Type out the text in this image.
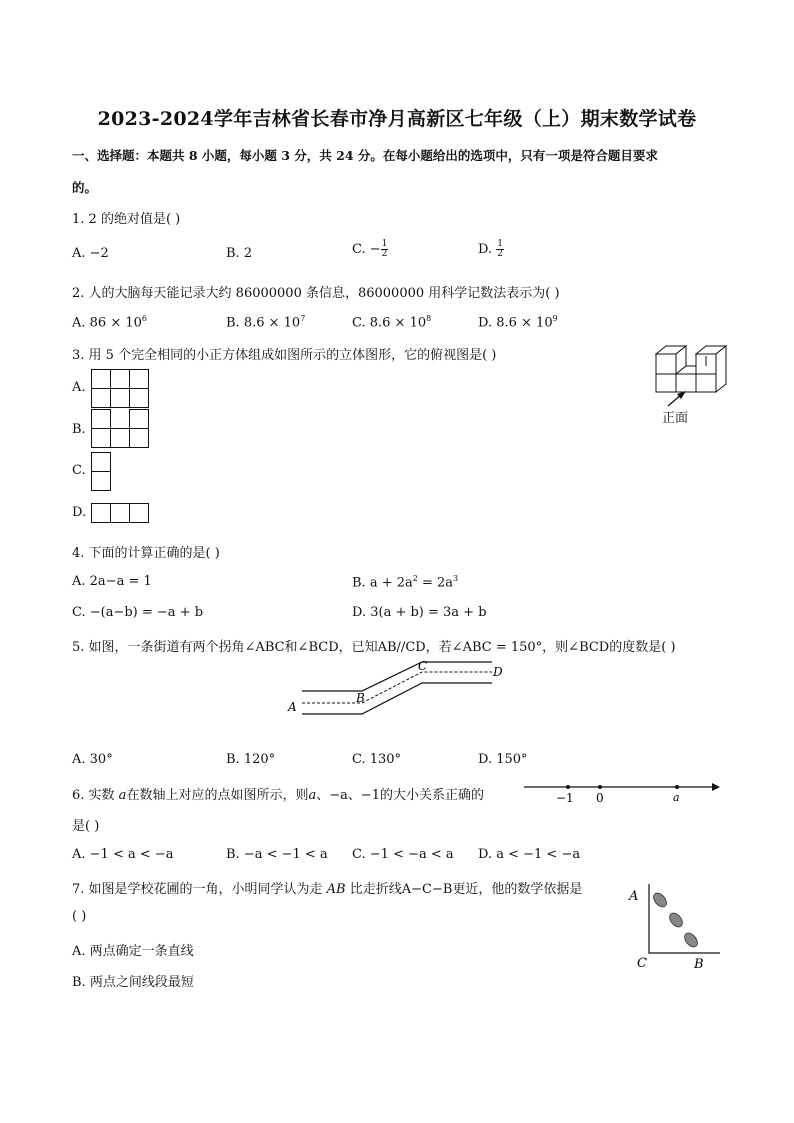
2023-2024学年吉林省长春市净月高新区七年级（上）期末数学试卷
一、选择题：本题共 8 小题，每小题 3 分，共 24 分。在每小题给出的选项中，只有一项是符合题目要求
的。
1. 2 的绝对值是( )
A. −2	B. 2	C. − $\frac{1}{2}$	D. $\frac{1}{2}$
2. 人的大脑每天能记录大约 86000000 条信息，86000000 用科学记数法表示为( )
A. $86 \times 10^6$	B. $8.6 \times 10^7$	C. $8.6 \times 10^8$	D. $8.6 \times 10^9$
3. 用 5 个完全相同的小正方体组成如图所示的立体图形，它的俯视图是( )
A.
B.
C.
D.
正面
4. 下面的计算正确的是( )
A. 2a−a = 1	B. $a + 2a^2 = 2a^3$
C. −(a−b) = −a + b	D. 3(a + b) = 3a + b
5. 如图，一条街道有两个拐角∠ABC和∠BCD，已知AB//CD，若∠ABC = 150°，则∠BCD的度数是( )
A
B
C	D
A. 30°	B. 120°	C. 130°	D. 150°
6. 实数 a在数轴上对应的点如图所示，则a、−a、−1的大小关系正确的
是( )
−1 0	a
A. −1 < a < −a	B. −a < −1 < a C. −1 < −a < a D. a < −1 < −a
7. 如图是学校花圃的一角，小明同学认为走 AB 比走折线A−C−B更近，他的数学依据是
( )
A. 两点确定一条直线
B. 两点之间线段最短
A
C	B
